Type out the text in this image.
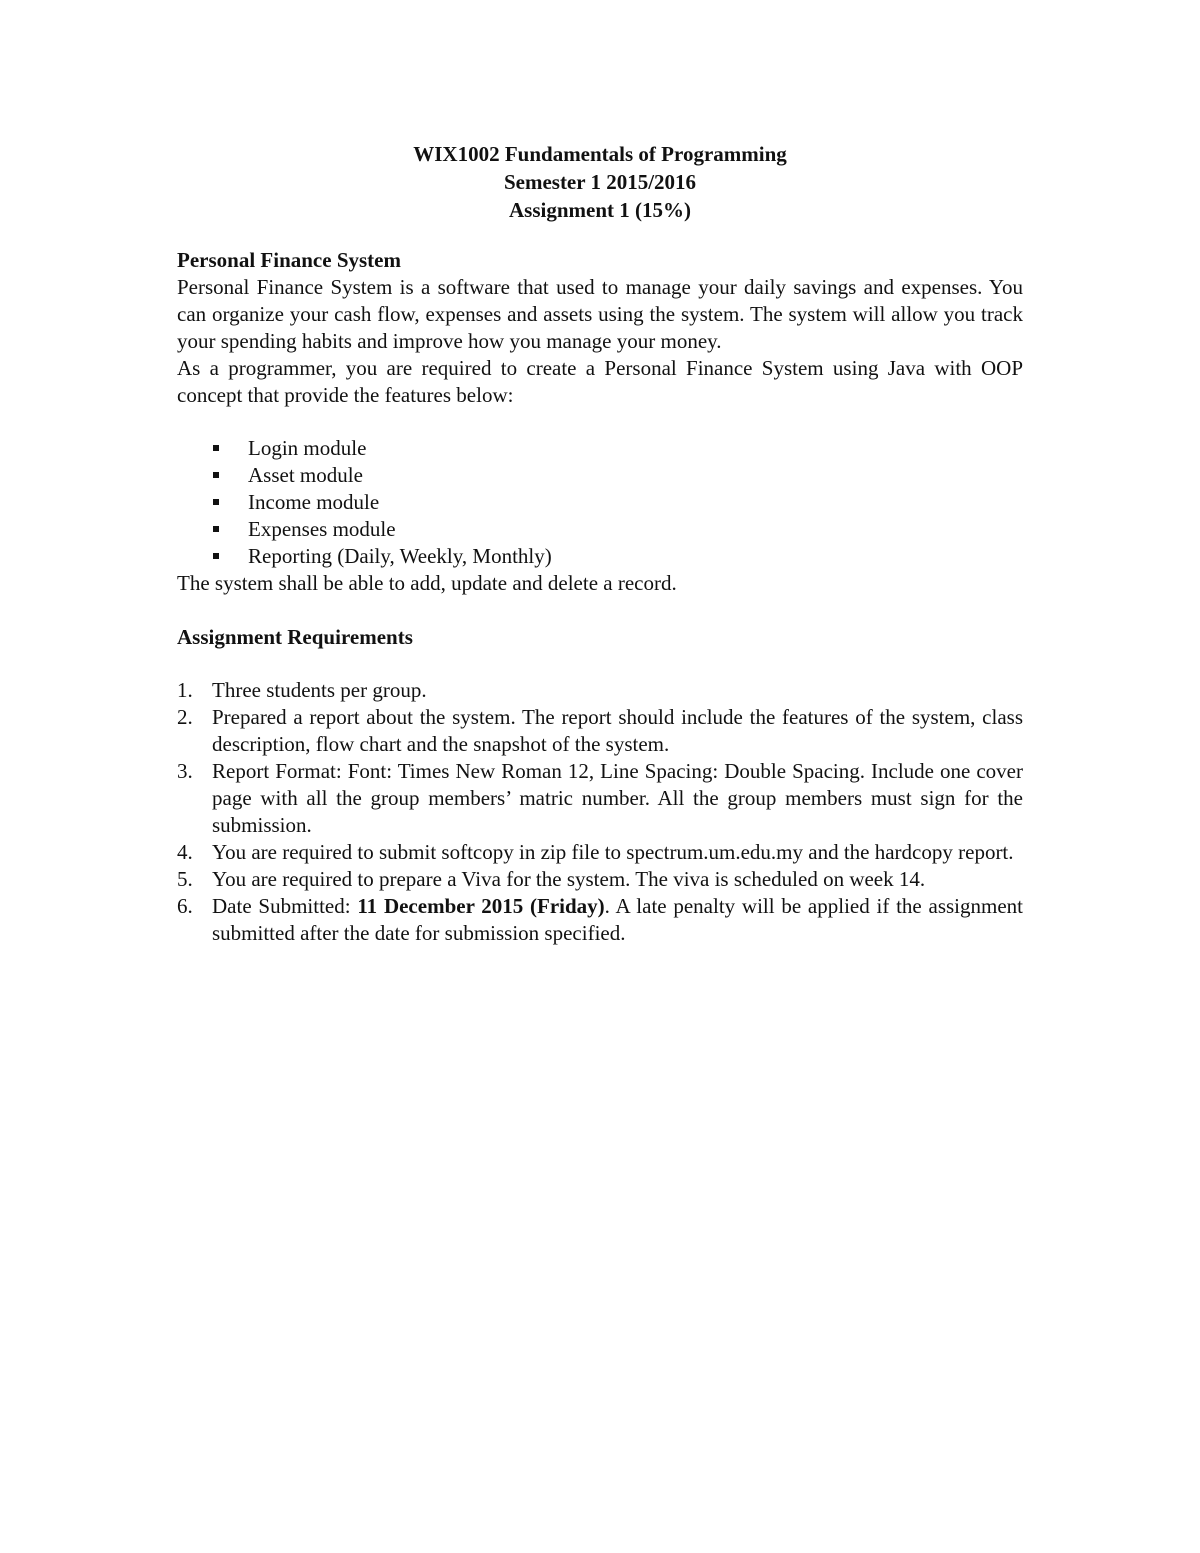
WIX1002 Fundamentals of Programming
Semester 1 2015/2016
Assignment 1 (15%)
Personal Finance System

Personal Finance System is a software that used to manage your daily savings and expenses. You can organize your cash flow, expenses and assets using the system. The system will allow you track your spending habits and improve how you manage your money.

As a programmer, you are required to create a Personal Finance System using Java with OOP concept that provide the features below:

Login module
Asset module
Income module
Expenses module
Reporting (Daily, Weekly, Monthly)

The system shall be able to add, update and delete a record.

Assignment Requirements
1. Three students per group.
2. Prepared a report about the system. The report should include the features of the system, class description, flow chart and the snapshot of the system.
3. Report Format: Font: Times New Roman 12, Line Spacing: Double Spacing. Include one cover page with all the group members’ matric number. All the group members must sign for the submission.
4. You are required to submit softcopy in zip file to spectrum.um.edu.my and the hardcopy report.
5. You are required to prepare a Viva for the system. The viva is scheduled on week 14.
6. Date Submitted: 11 December 2015 (Friday). A late penalty will be applied if the assignment submitted after the date for submission specified.
